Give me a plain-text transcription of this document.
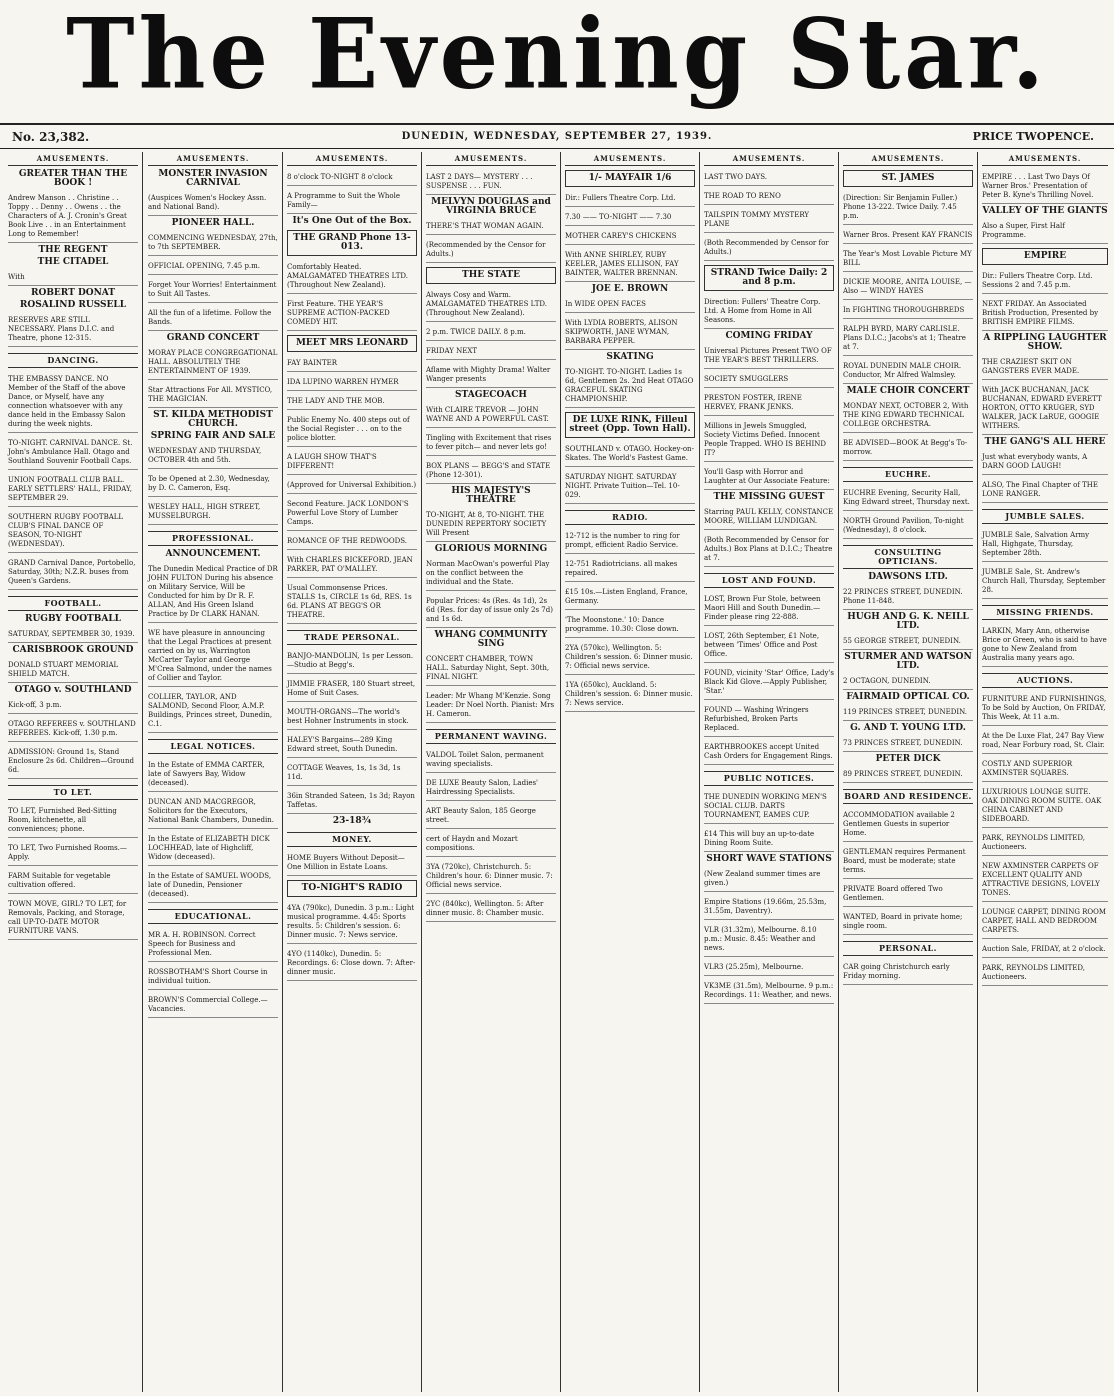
The Evening Star.
No. 23,382.	DUNEDIN, WEDNESDAY, SEPTEMBER 27, 1939.	PRICE TWOPENCE.
AMUSEMENTS.
GREATER THAN THE BOOK !
Andrew Manson . . Christine . . Toppy . . Denny . . Owens . . the Characters of A. J. Cronin's Great Book Live . . in an Entertainment Long to Remember!
THE REGENT
THE CITADEL
With
ROBERT DONAT
ROSALIND RUSSELL
RESERVES ARE STILL NECESSARY. Plans D.I.C. and Theatre, phone 12-315.
DANCING.
THE EMBASSY DANCE. NO Member of the Staff of the above Dance, or Myself, have any connection whatsoever with any dance held in the Embassy Salon during the week nights.
TO-NIGHT. CARNIVAL DANCE. St. John's Ambulance Hall. Otago and Southland Souvenir Football Caps.
UNION FOOTBALL CLUB BALL. EARLY SETTLERS' HALL, FRIDAY, SEPTEMBER 29.
SOUTHERN RUGBY FOOTBALL CLUB'S FINAL DANCE OF SEASON, TO-NIGHT (WEDNESDAY).
GRAND Carnival Dance, Portobello, Saturday, 30th; N.Z.R. buses from Queen's Gardens.
FOOTBALL.
RUGBY FOOTBALL
SATURDAY, SEPTEMBER 30, 1939.
CARISBROOK GROUND
DONALD STUART MEMORIAL SHIELD MATCH.
OTAGO v. SOUTHLAND
Kick-off, 3 p.m.
OTAGO REFEREES v. SOUTHLAND REFEREES. Kick-off, 1.30 p.m.
ADMISSION: Ground 1s, Stand Enclosure 2s 6d. Children—Ground 6d.
TO LET.
TO LET, Furnished Bed-Sitting Room, kitchenette, all conveniences; phone.
TO LET, Two Furnished Rooms.—Apply.
FARM Suitable for vegetable cultivation offered.
TOWN MOVE, GIRL? TO LET, for Removals, Packing, and Storage, call UP-TO-DATE MOTOR FURNITURE VANS.
AMUSEMENTS.
MONSTER INVASION CARNIVAL
(Auspices Women's Hockey Assn. and National Band).
PIONEER HALL.
COMMENCING WEDNESDAY, 27th, to 7th SEPTEMBER.
OFFICIAL OPENING, 7.45 p.m.
Forget Your Worries! Entertainment to Suit All Tastes.
All the fun of a lifetime. Follow the Bands.
GRAND CONCERT
MORAY PLACE CONGREGATIONAL HALL. ABSOLUTELY THE ENTERTAINMENT OF 1939.
Star Attractions For All. MYSTICO, THE MAGICIAN.
ST. KILDA METHODIST CHURCH.
SPRING FAIR AND SALE
WEDNESDAY AND THURSDAY, OCTOBER 4th and 5th.
To be Opened at 2.30, Wednesday, by D. C. Cameron, Esq.
WESLEY HALL, HIGH STREET, MUSSELBURGH.
PROFESSIONAL.
ANNOUNCEMENT.
The Dunedin Medical Practice of DR JOHN FULTON During his absence on Military Service, Will be Conducted for him by Dr R. F. ALLAN, And His Green Island Practice by Dr CLARK HANAN.
WE have pleasure in announcing that the Legal Practices at present carried on by us, Warrington McCarter Taylor and George M'Crea Salmond, under the names of Collier and Taylor.
COLLIER, TAYLOR, AND SALMOND, Second Floor, A.M.P. Buildings, Princes street, Dunedin, C.1.
LEGAL NOTICES.
In the Estate of EMMA CARTER, late of Sawyers Bay, Widow (deceased).
DUNCAN AND MACGREGOR, Solicitors for the Executors, National Bank Chambers, Dunedin.
In the Estate of ELIZABETH DICK LOCHHEAD, late of Highcliff, Widow (deceased).
In the Estate of SAMUEL WOODS, late of Dunedin, Pensioner (deceased).
EDUCATIONAL.
MR A. H. ROBINSON. Correct Speech for Business and Professional Men.
ROSSBOTHAM'S Short Course in individual tuition.
BROWN'S Commercial College.—Vacancies.
AMUSEMENTS.
8 o'clock TO-NIGHT 8 o'clock
A Programme to Suit the Whole Family—
It's One Out of the Box.
THE GRAND Phone 13-013.
Comfortably Heated. AMALGAMATED THEATRES LTD. (Throughout New Zealand).
First Feature. THE YEAR'S SUPREME ACTION-PACKED COMEDY HIT.
MEET MRS LEONARD
FAY BAINTER
IDA LUPINO WARREN HYMER
THE LADY AND THE MOB.
Public Enemy No. 400 steps out of the Social Register . . . on to the police blotter.
A LAUGH SHOW THAT'S DIFFERENT!
(Approved for Universal Exhibition.)
Second Feature. JACK LONDON'S Powerful Love Story of Lumber Camps.
ROMANCE OF THE REDWOODS.
With CHARLES BICKEFORD, JEAN PARKER, PAT O'MALLEY.
Usual Commonsense Prices. STALLS 1s, CIRCLE 1s 6d, RES. 1s 6d. PLANS AT BEGG'S OR THEATRE.
TRADE PERSONAL.
BANJO-MANDOLIN, 1s per Lesson.—Studio at Begg's.
JIMMIE FRASER, 180 Stuart street, Home of Suit Cases.
MOUTH-ORGANS—The world's best Hohner Instruments in stock.
HALEY'S Bargains—289 King Edward street, South Dunedin.
COTTAGE Weaves, 1s, 1s 3d, 1s 11d.
36in Stranded Sateen, 1s 3d; Rayon Taffetas.
23-18¾
MONEY.
HOME Buyers Without Deposit—One Million in Estate Loans.
TO-NIGHT'S RADIO
4YA (790kc), Dunedin. 3 p.m.: Light musical programme. 4.45: Sports results. 5: Children's session. 6: Dinner music. 7: News service.
4YO (1140kc), Dunedin. 5: Recordings. 6: Close down. 7: After-dinner music.
AMUSEMENTS.
LAST 2 DAYS— MYSTERY . . . SUSPENSE . . . FUN.
MELVYN DOUGLAS and VIRGINIA BRUCE
THERE'S THAT WOMAN AGAIN.
(Recommended by the Censor for Adults.)
THE STATE
Always Cosy and Warm. AMALGAMATED THEATRES LTD. (Throughout New Zealand).
2 p.m. TWICE DAILY. 8 p.m.
FRIDAY NEXT
Aflame with Mighty Drama! Walter Wanger presents
STAGECOACH
With CLAIRE TREVOR — JOHN WAYNE AND A POWERFUL CAST.
Tingling with Excitement that rises to fever pitch— and never lets go!
BOX PLANS — BEGG'S and STATE (Phone 12-301).
HIS MAJESTY'S THEATRE
TO-NIGHT, At 8, TO-NIGHT. THE DUNEDIN REPERTORY SOCIETY Will Present
GLORIOUS MORNING
Norman MacOwan's powerful Play on the conflict between the individual and the State.
Popular Prices: 4s (Res. 4s 1d), 2s 6d (Res. for day of issue only 2s 7d) and 1s 6d.
WHANG COMMUNITY SING
CONCERT CHAMBER, TOWN HALL. Saturday Night, Sept. 30th, FINAL NIGHT.
Leader: Mr Whang M'Kenzie. Song Leader: Dr Noel North. Pianist: Mrs H. Cameron.
PERMANENT WAVING.
VALDOL Toilet Salon, permanent waving specialists.
DE LUXE Beauty Salon, Ladies' Hairdressing Specialists.
ART Beauty Salon, 185 George street.
cert of Haydn and Mozart compositions.
3YA (720kc), Christchurch. 5: Children's hour. 6: Dinner music. 7: Official news service.
2YC (840kc), Wellington. 5: After dinner music. 8: Chamber music.
AMUSEMENTS.
1/- MAYFAIR 1/6
Dir.: Fullers Theatre Corp. Ltd.
7.30 —— TO-NIGHT —— 7.30
MOTHER CAREY'S CHICKENS
With ANNE SHIRLEY, RUBY KEELER, JAMES ELLISON, FAY BAINTER, WALTER BRENNAN.
JOE E. BROWN
In WIDE OPEN FACES
With LYDIA ROBERTS, ALISON SKIPWORTH, JANE WYMAN, BARBARA PEPPER.
SKATING
TO-NIGHT. TO-NIGHT. Ladies 1s 6d, Gentlemen 2s. 2nd Heat OTAGO GRACEFUL SKATING CHAMPIONSHIP.
DE LUXE RINK, Filleul street (Opp. Town Hall).
SOUTHLAND v. OTAGO. Hockey-on-Skates. The World's Fastest Game.
SATURDAY NIGHT. SATURDAY NIGHT. Private Tuition—Tel. 10-029.
RADIO.
12-712 is the number to ring for prompt, efficient Radio Service.
12-751 Radiotricians. all makes repaired.
£15 10s.—Listen England, France, Germany.
'The Moonstone.' 10: Dance programme. 10.30: Close down.
2YA (570kc), Wellington. 5: Children's session. 6: Dinner music. 7: Official news service.
1YA (650kc), Auckland. 5: Children's session. 6: Dinner music. 7: News service.
AMUSEMENTS.
LAST TWO DAYS.
THE ROAD TO RENO
TAILSPIN TOMMY MYSTERY PLANE
(Both Recommended by Censor for Adults.)
STRAND Twice Daily: 2 and 8 p.m.
Direction: Fullers' Theatre Corp. Ltd. A Home from Home in All Seasons.
COMING FRIDAY
Universal Pictures Present TWO OF THE YEAR'S BEST THRILLERS.
SOCIETY SMUGGLERS
PRESTON FOSTER, IRENE HERVEY, FRANK JENKS.
Millions in Jewels Smuggled, Society Victims Defied. Innocent People Trapped. WHO IS BEHIND IT?
You'll Gasp with Horror and Laughter at Our Associate Feature:
THE MISSING GUEST
Starring PAUL KELLY, CONSTANCE MOORE, WILLIAM LUNDIGAN.
(Both Recommended by Censor for Adults.) Box Plans at D.I.C.; Theatre at 7.
LOST AND FOUND.
LOST, Brown Fur Stole, between Maori Hill and South Dunedin.—Finder please ring 22-888.
LOST, 26th September, £1 Note, between 'Times' Office and Post Office.
FOUND, vicinity 'Star' Office, Lady's Black Kid Glove.—Apply Publisher, 'Star.'
FOUND — Washing Wringers Refurbished, Broken Parts Replaced.
EARTHBROOKES accept United Cash Orders for Engagement Rings.
PUBLIC NOTICES.
THE DUNEDIN WORKING MEN'S SOCIAL CLUB. DARTS TOURNAMENT, EAMES CUP.
£14 This will buy an up-to-date Dining Room Suite.
SHORT WAVE STATIONS
(New Zealand summer times are given.)
Empire Stations (19.66m, 25.53m, 31.55m, Daventry).
VLR (31.32m), Melbourne. 8.10 p.m.: Music. 8.45: Weather and news.
VLR3 (25.25m), Melbourne.
VK3ME (31.5m), Melbourne. 9 p.m.: Recordings. 11: Weather, and news.
AMUSEMENTS.
ST. JAMES
(Direction: Sir Benjamin Fuller.) Phone 13-222. Twice Daily. 7.45 p.m.
Warner Bros. Present KAY FRANCIS
The Year's Most Lovable Picture MY BILL
DICKIE MOORE, ANITA LOUISE, — Also — WINDY HAYES
In FIGHTING THOROUGHBREDS
RALPH BYRD, MARY CARLISLE. Plans D.I.C.; Jacobs's at 1; Theatre at 7.
ROYAL DUNEDIN MALE CHOIR. Conductor, Mr Alfred Walmsley.
MALE CHOIR CONCERT
MONDAY NEXT, OCTOBER 2, With THE KING EDWARD TECHNICAL COLLEGE ORCHESTRA.
BE ADVISED—BOOK At Begg's To-morrow.
EUCHRE.
EUCHRE Evening, Security Hall, King Edward street, Thursday next.
NORTH Ground Pavilion, To-night (Wednesday), 8 o'clock.
CONSULTING OPTICIANS.
DAWSONS LTD.
22 PRINCES STREET, DUNEDIN. Phone 11-848.
HUGH AND G. K. NEILL LTD.
55 GEORGE STREET, DUNEDIN.
STURMER AND WATSON LTD.
2 OCTAGON, DUNEDIN.
FAIRMAID OPTICAL CO.
119 PRINCES STREET, DUNEDIN.
G. AND T. YOUNG LTD.
73 PRINCES STREET, DUNEDIN.
PETER DICK
89 PRINCES STREET, DUNEDIN.
BOARD AND RESIDENCE.
ACCOMMODATION available 2 Gentlemen Guests in superior Home.
GENTLEMAN requires Permanent Board, must be moderate; state terms.
PRIVATE Board offered Two Gentlemen.
WANTED, Board in private home; single room.
PERSONAL.
CAR going Christchurch early Friday morning.
AMUSEMENTS.
EMPIRE . . . Last Two Days Of Warner Bros.' Presentation of Peter B. Kyne's Thrilling Novel.
VALLEY OF THE GIANTS
Also a Super, First Half Programme.
EMPIRE
Dir.: Fullers Theatre Corp. Ltd. Sessions 2 and 7.45 p.m.
NEXT FRIDAY. An Associated British Production, Presented by BRITISH EMPIRE FILMS.
A RIPPLING LAUGHTER SHOW.
THE CRAZIEST SKIT ON GANGSTERS EVER MADE.
With JACK BUCHANAN, JACK BUCHANAN, EDWARD EVERETT HORTON, OTTO KRUGER, SYD WALKER, JACK LaRUE, GOOGIE WITHERS.
THE GANG'S ALL HERE
Just what everybody wants, A DARN GOOD LAUGH!
ALSO, The Final Chapter of THE LONE RANGER.
JUMBLE SALES.
JUMBLE Sale, Salvation Army Hall, Highgate, Thursday, September 28th.
JUMBLE Sale, St. Andrew's Church Hall, Thursday, September 28.
MISSING FRIENDS.
LARKIN, Mary Ann, otherwise Brice or Green, who is said to have gone to New Zealand from Australia many years ago.
AUCTIONS.
FURNITURE AND FURNISHINGS, To be Sold by Auction, On FRIDAY, This Week, At 11 a.m.
At the De Luxe Flat, 247 Bay View road, Near Forbury road, St. Clair.
COSTLY AND SUPERIOR AXMINSTER SQUARES.
LUXURIOUS LOUNGE SUITE. OAK DINING ROOM SUITE. OAK CHINA CABINET AND SIDEBOARD.
PARK, REYNOLDS LIMITED, Auctioneers.
NEW AXMINSTER CARPETS OF EXCELLENT QUALITY AND ATTRACTIVE DESIGNS, LOVELY TONES.
LOUNGE CARPET, DINING ROOM CARPET, HALL AND BEDROOM CARPETS.
Auction Sale, FRIDAY, at 2 o'clock.
PARK, REYNOLDS LIMITED, Auctioneers.
